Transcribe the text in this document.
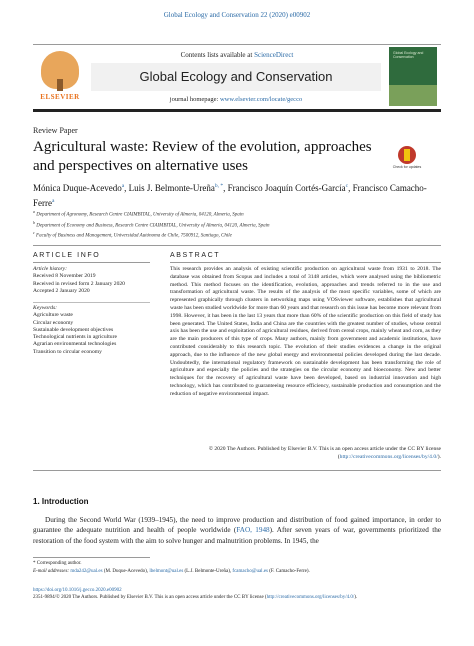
Global Ecology and Conservation 22 (2020) e00902
ELSEVIER
Contents lists available at ScienceDirect
Global Ecology and Conservation
journal homepage: www.elsevier.com/locate/gecco
Global Ecology and Conservation
Review Paper
Agricultural waste: Review of the evolution, approaches and perspectives on alternative uses	Check for updates
Mónica Duque-Acevedo$^a$, Luis J. Belmonte-Ureña$^{b, *}$, Francisco Joaquín Cortés-García$^c$, Francisco Camacho-Ferre$^a$
$^a$ Department of Agronomy, Research Centre CIAIMBITAL, University of Almeria, 04120, Almeria, Spain
$^b$ Department of Economy and Business, Research Centre CIAIMBITAL, University of Almeria, 04120, Almeria, Spain
$^c$ Faculty of Business and Management, Universidad Autónoma de Chile, 7500912, Santiago, Chile
ARTICLE INFO
Article history:
Received 8 November 2019
Received in revised form 2 January 2020
Accepted 2 January 2020
Keywords:
Agriculture waste
Circular economy
Sustainable development objectives
Technological nutrients in agriculture
Agrarian environmental technologies
Transition to circular economy
ABSTRACT
This research provides an analysis of existing scientific production on agricultural waste from 1931 to 2018. The database was obtained from Scopus and includes a total of 3148 articles, which were analysed using the bibliometric method. This method focuses on the identification, evolution, approaches and trends referred to in the use and transformation of agricultural waste. The results of the analysis of the most specific variables, some of which are represented graphically through clusters in networking maps using VOSviewer software, establishes that agricultural waste has been studied worldwide for more than 60 years and that research on this issue has become more relevant from 1998. However, it has been in the last 13 years that more than 60% of the scientific production on this field of study has been generated. The United States, India and China are the countries with the greatest number of studies, whose central axis has been the use and exploitation of agricultural residues, derived from cereal crops, mainly wheat and corn, as they are the main producers of this type of crops. Many authors, mainly from government and academic institutions, have contributed considerably to this research topic. The evolution of their studies evidences a change in the original approach, due to the influence of the new global energy and environmental policies developed during the last decade. Undoubtedly, the international regulatory framework on sustainable development has been transforming the role of agriculture and especially the policies and the strategies on the circular economy and bioeconomy. New and better techniques for the recovery of agricultural waste have been developed, based on industrial innovation and high technology, which has contributed to guaranteeing resource efficiency, sustainable production and consumption and the reduction of negative environmental impact.
© 2020 The Authors. Published by Elsevier B.V. This is an open access article under the CC BY license (http://creativecommons.org/licenses/by/4.0/).
1. Introduction
During the Second World War (1939–1945), the need to improve production and distribution of food gained importance, in order to guarantee the adequate nutrition and health of people worldwide (FAO, 1948). After seven years of war, governments prioritized the restoration of the food system with the aim to solve hunger and malnutrition problems. In 1945, the
* Corresponding author.
E-mail addresses: mda242@ual.es (M. Duque-Acevedo), lbelmont@ual.es (L.J. Belmonte-Ureña), fcamacho@ual.es (F. Camacho-Ferre).
https://doi.org/10.1016/j.gecco.2020.e00902
2351-9894/© 2020 The Authors. Published by Elsevier B.V. This is an open access article under the CC BY license (http://creativecommons.org/licenses/by/4.0/).
